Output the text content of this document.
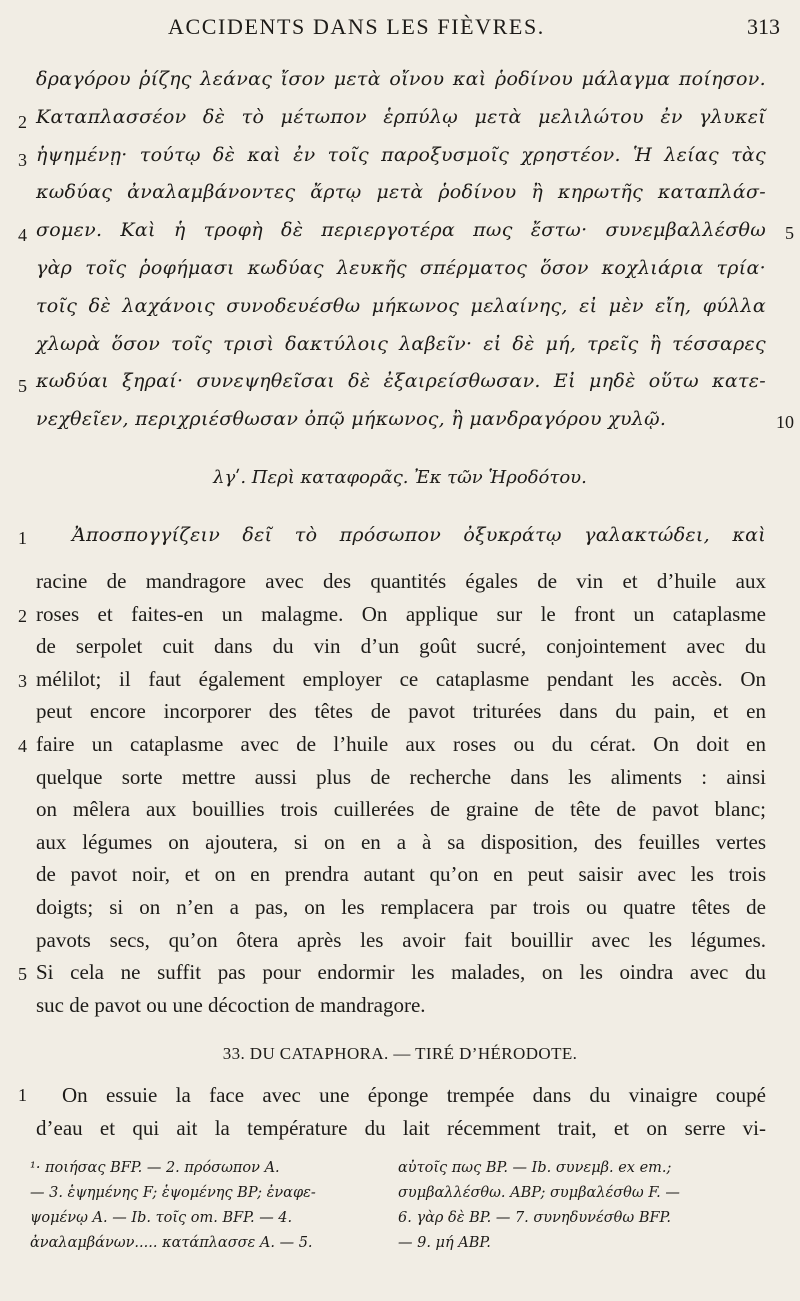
ACCIDENTS DANS LES FIÈVRES.	313
δραγόρου ῥίζης λεάνας ἴσον μετὰ οἴνου καὶ ῥοδίνου μάλαγμα ποίησον.
2 Καταπλασσέον δὲ τὸ μέτωπον ἑρπύλῳ μετὰ μελιλώτου ἐν γλυκεῖ
3 ἡψημένῃ· τούτῳ δὲ καὶ ἐν τοῖς παροξυσμοῖς χρηστέον. Ἡ λείας τὰς
κωδύας ἀναλαμβάνοντες ἄρτῳ μετὰ ῥοδίνου ἢ κηρωτῆς καταπλάσ-
4 σομεν. Καὶ ἡ τροφὴ δὲ περιεργοτέρα πως ἔστω· συνεμβαλλέσθω 5
γὰρ τοῖς ῥοφήμασι κωδύας λευκῆς σπέρματος ὅσον κοχλιάρια τρία·
τοῖς δὲ λαχάνοις συνοδευέσθω μήκωνος μελαίνης, εἰ μὲν εἴη, φύλλα
χλωρὰ ὅσον τοῖς τρισὶ δακτύλοις λαβεῖν· εἰ δὲ μή, τρεῖς ἢ τέσσαρες
5 κωδύαι ξηραί· συνεψηθεῖσαι δὲ ἐξαιρείσθωσαν. Εἰ μηδὲ οὕτω κατε-
νεχθεῖεν, περιχριέσθωσαν ὀπῷ μήκωνος, ἢ μανδραγόρου χυλῷ.	10
λγʹ. Περὶ καταφορᾶς. Ἐκ τῶν Ἡροδότου.
1 Ἀποσπογγίζειν δεῖ τὸ πρόσωπον ὀξυκράτῳ γαλακτώδει, καὶ
racine de mandragore avec des quantités égales de vin et d’huile aux
2 roses et faites-en un malagme. On applique sur le front un cataplasme
de serpolet cuit dans du vin d’un goût sucré, conjointement avec du
3 mélilot; il faut également employer ce cataplasme pendant les accès. On
peut encore incorporer des têtes de pavot triturées dans du pain, et en
4 faire un cataplasme avec de l’huile aux roses ou du cérat. On doit en
quelque sorte mettre aussi plus de recherche dans les aliments : ainsi
on mêlera aux bouillies trois cuillerées de graine de tête de pavot blanc;
aux légumes on ajoutera, si on en a à sa disposition, des feuilles vertes
de pavot noir, et on en prendra autant qu’on en peut saisir avec les trois
doigts; si on n’en a pas, on les remplacera par trois ou quatre têtes de
pavots secs, qu’on ôtera après les avoir fait bouillir avec les légumes.
5 Si cela ne suffit pas pour endormir les malades, on les oindra avec du
suc de pavot ou une décoction de mandragore.
33. DU CATAPHORA. — TIRÉ D’HÉRODOTE.
1 On essuie la face avec une éponge trempée dans du vinaigre coupé
d’eau et qui ait la température du lait récemment trait, et on serre vi-
¹· ποιήσας BFP. — 2. πρόσωπον A.
— 3. ἑψημένης F; ἑψομένης BP; ἐναφε-
ψομένῳ A. — Ib. τοῖς om. BFP. — 4.
ἀναλαμβάνων..... κατάπλασσε A. — 5.
αὐτοῖς πως BP. — Ib. συνεμβ. ex em.;
συμβαλλέσθω. ABP; συμβαλέσθω F. —
6. γὰρ δὲ BP. — 7. συνηδυνέσθω BFP.
— 9. μή ABP.
